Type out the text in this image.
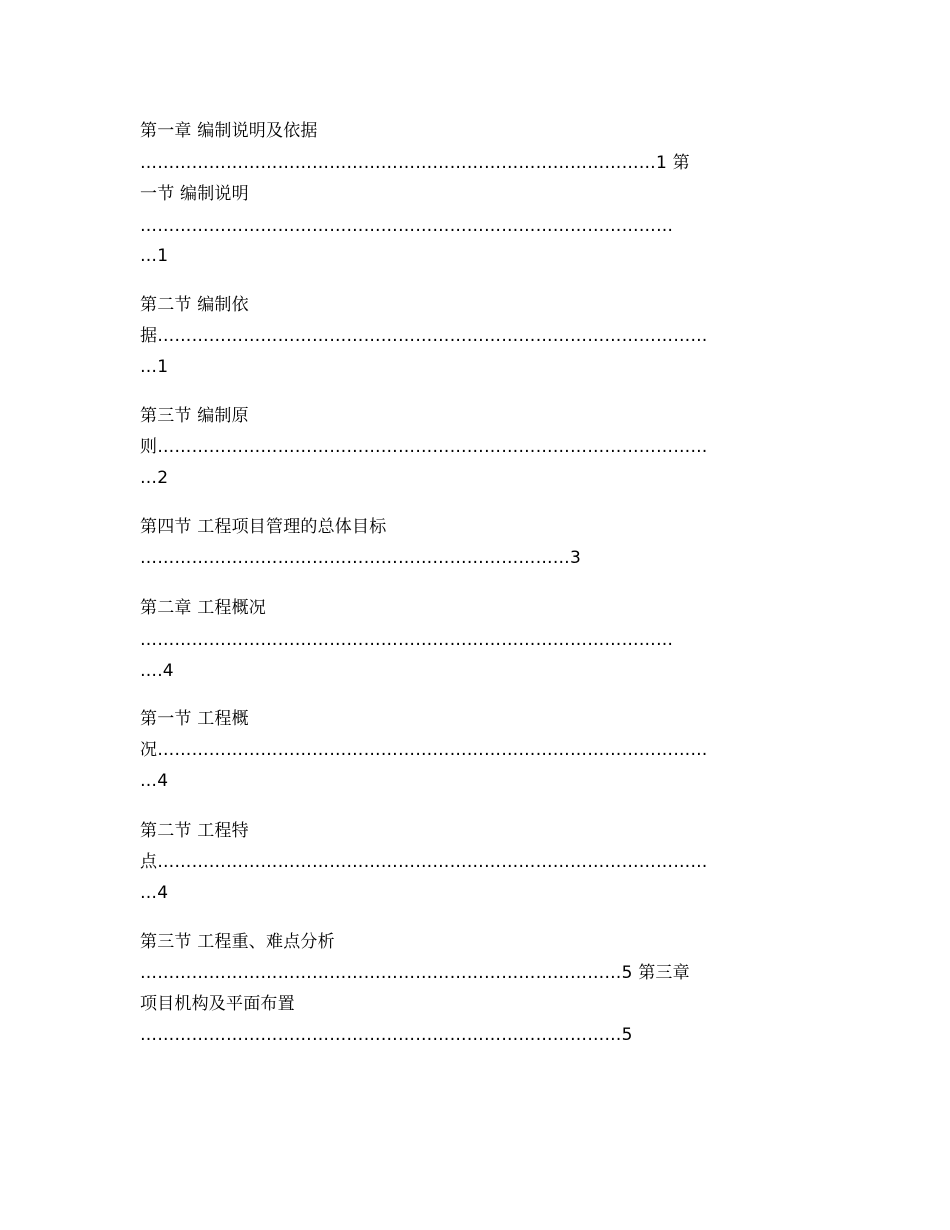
第一章 编制说明及依据
………………………………………………………………………………1 第
一节 编制说明
…………………………………………………………………………………
…1
第二节 编制依
据……………………………………………………………………………………
…1
第三节 编制原
则……………………………………………………………………………………
…2
第四节 工程项目管理的总体目标
…………………………………………………………………3
第二章 工程概况
…………………………………………………………………………………
….4
第一节 工程概
况……………………………………………………………………………………
…4
第二节 工程特
点……………………………………………………………………………………
…4
第三节 工程重、难点分析
…………………………………………………………………………5 第三章
项目机构及平面布置
…………………………………………………………………………5
